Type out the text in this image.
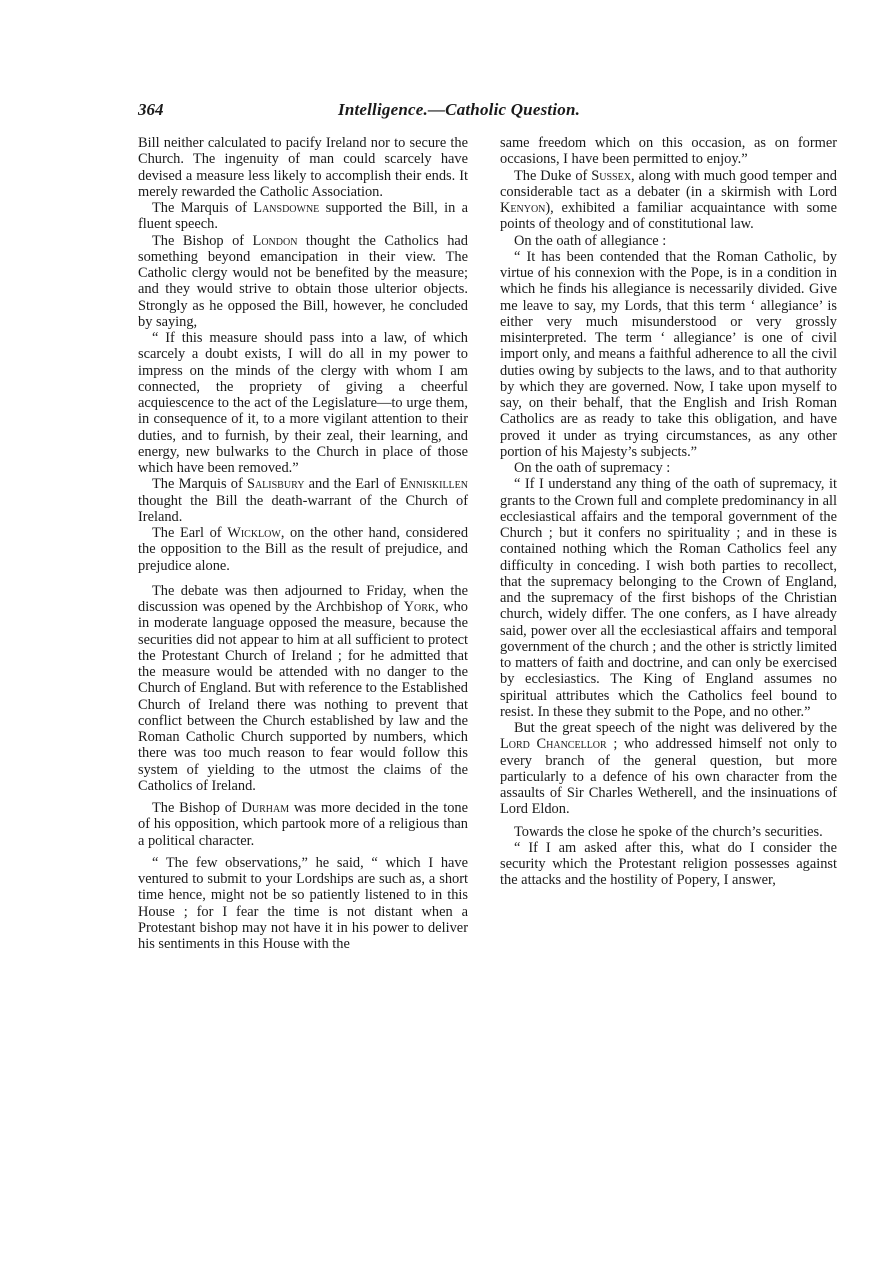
364	Intelligence.—Catholic Question.

Bill neither calculated to pacify Ireland nor to secure the Church. The ingenuity of man could scarcely have devised a measure less likely to accomplish their ends. It merely rewarded the Catholic Association.

The Marquis of Lansdowne supported the Bill, in a fluent speech.

The Bishop of London thought the Catholics had something beyond emancipation in their view. The Catholic clergy would not be benefited by the measure; and they would strive to obtain those ulterior objects. Strongly as he opposed the Bill, however, he concluded by saying,

“ If this measure should pass into a law, of which scarcely a doubt exists, I will do all in my power to impress on the minds of the clergy with whom I am connected, the propriety of giving a cheerful acquiescence to the act of the Legislature—to urge them, in consequence of it, to a more vigilant attention to their duties, and to furnish, by their zeal, their learning, and energy, new bulwarks to the Church in place of those which have been removed.”

The Marquis of Salisbury and the Earl of Enniskillen thought the Bill the death-warrant of the Church of Ireland.

The Earl of Wicklow, on the other hand, considered the opposition to the Bill as the result of prejudice, and prejudice alone.

The debate was then adjourned to Friday, when the discussion was opened by the Archbishop of York, who in moderate language opposed the measure, because the securities did not appear to him at all sufficient to protect the Protestant Church of Ireland ; for he admitted that the measure would be attended with no danger to the Church of England. But with reference to the Established Church of Ireland there was nothing to prevent that conflict between the Church established by law and the Roman Catholic Church supported by numbers, which there was too much reason to fear would follow this system of yielding to the utmost the claims of the Catholics of Ireland.

The Bishop of Durham was more decided in the tone of his opposition, which partook more of a religious than a political character.

“ The few observations,” he said, “ which I have ventured to submit to your Lordships are such as, a short time hence, might not be so patiently listened to in this House ; for I fear the time is not distant when a Protestant bishop may not have it in his power to deliver his sentiments in this House with the

same freedom which on this occasion, as on former occasions, I have been permitted to enjoy.”

The Duke of Sussex, along with much good temper and considerable tact as a debater (in a skirmish with Lord Kenyon), exhibited a familiar acquaintance with some points of theology and of constitutional law.

On the oath of allegiance :

“ It has been contended that the Roman Catholic, by virtue of his connexion with the Pope, is in a condition in which he finds his allegiance is necessarily divided. Give me leave to say, my Lords, that this term ‘ allegiance’ is either very much misunderstood or very grossly misinterpreted. The term ‘ allegiance’ is one of civil import only, and means a faithful adherence to all the civil duties owing by subjects to the laws, and to that authority by which they are governed. Now, I take upon myself to say, on their behalf, that the English and Irish Roman Catholics are as ready to take this obligation, and have proved it under as trying circumstances, as any other portion of his Majesty’s subjects.”

On the oath of supremacy :

“ If I understand any thing of the oath of supremacy, it grants to the Crown full and complete predominancy in all ecclesiastical affairs and the temporal government of the Church ; but it confers no spirituality ; and in these is contained nothing which the Roman Catholics feel any difficulty in conceding. I wish both parties to recollect, that the supremacy belonging to the Crown of England, and the supremacy of the first bishops of the Christian church, widely differ. The one confers, as I have already said, power over all the ecclesiastical affairs and temporal government of the church ; and the other is strictly limited to matters of faith and doctrine, and can only be exercised by ecclesiastics. The King of England assumes no spiritual attributes which the Catholics feel bound to resist. In these they submit to the Pope, and no other.”

But the great speech of the night was delivered by the Lord Chancellor ; who addressed himself not only to every branch of the general question, but more particularly to a defence of his own character from the assaults of Sir Charles Wetherell, and the insinuations of Lord Eldon.

Towards the close he spoke of the church’s securities.

“ If I am asked after this, what do I consider the security which the Protestant religion possesses against the attacks and the hostility of Popery, I answer,
